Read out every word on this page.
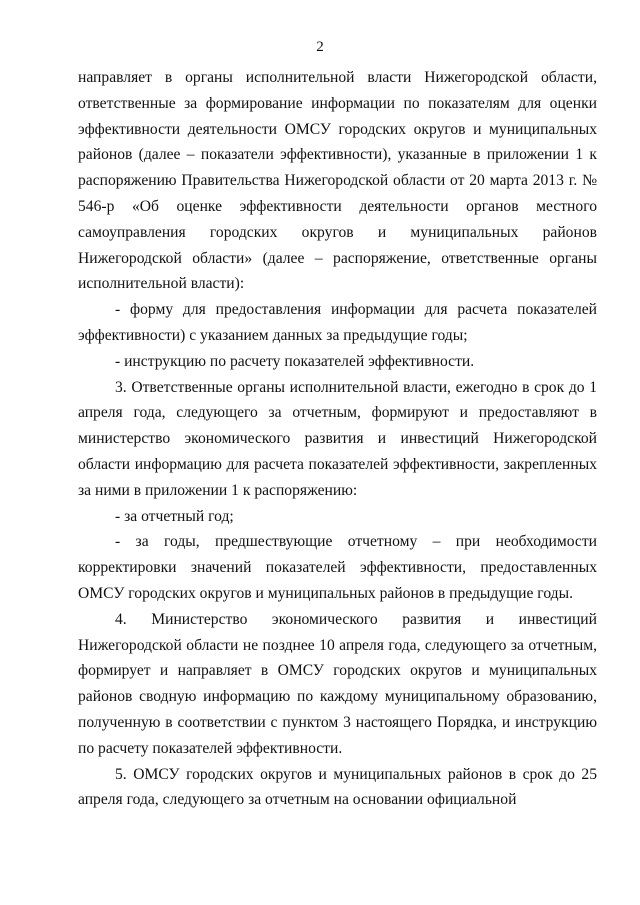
2

направляет в органы исполнительной власти Нижегородской области, ответственные за формирование информации по показателям для оценки эффективности деятельности ОМСУ городских округов и муниципальных районов (далее – показатели эффективности), указанные в приложении 1 к распоряжению Правительства Нижегородской области от 20 марта 2013 г. № 546-р «Об оценке эффективности деятельности органов местного самоуправления городских округов и муниципальных районов Нижегородской области» (далее – распоряжение, ответственные органы исполнительной власти):

- форму для предоставления информации для расчета показателей эффективности) с указанием данных за предыдущие годы;

- инструкцию по расчету показателей эффективности.

3. Ответственные органы исполнительной власти, ежегодно в срок до 1 апреля года, следующего за отчетным, формируют и предоставляют в министерство экономического развития и инвестиций Нижегородской области информацию для расчета показателей эффективности, закрепленных за ними в приложении 1 к распоряжению:

- за отчетный год;

- за годы, предшествующие отчетному – при необходимости корректировки значений показателей эффективности, предоставленных ОМСУ городских округов и муниципальных районов в предыдущие годы.

4. Министерство экономического развития и инвестиций Нижегородской области не позднее 10 апреля года, следующего за отчетным, формирует и направляет в ОМСУ городских округов и муниципальных районов сводную информацию по каждому муниципальному образованию, полученную в соответствии с пунктом 3 настоящего Порядка, и инструкцию по расчету показателей эффективности.

5. ОМСУ городских округов и муниципальных районов в срок до 25 апреля года, следующего за отчетным на основании официальной
